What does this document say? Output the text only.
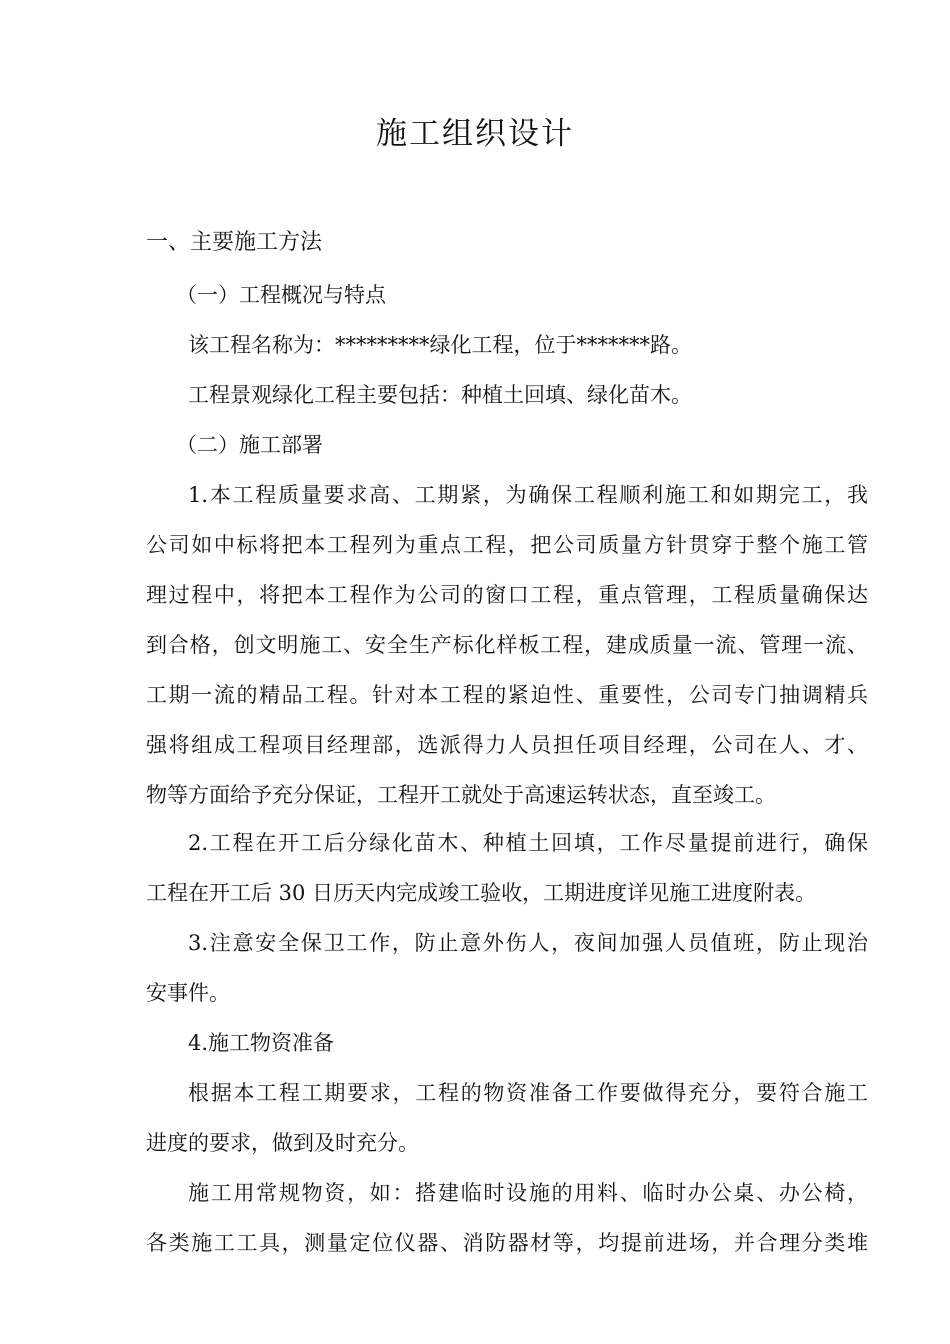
施工组织设计

一、主要施工方法

（一）工程概况与特点

该工程名称为：*********绿化工程，位于*******路。

工程景观绿化工程主要包括：种植土回填、绿化苗木。

（二）施工部署

1.本工程质量要求高、工期紧，为确保工程顺利施工和如期完工，我

公司如中标将把本工程列为重点工程，把公司质量方针贯穿于整个施工管

理过程中，将把本工程作为公司的窗口工程，重点管理，工程质量确保达

到合格，创文明施工、安全生产标化样板工程，建成质量一流、管理一流、

工期一流的精品工程。针对本工程的紧迫性、重要性，公司专门抽调精兵

强将组成工程项目经理部，选派得力人员担任项目经理，公司在人、才、

物等方面给予充分保证，工程开工就处于高速运转状态，直至竣工。

2.工程在开工后分绿化苗木、种植土回填，工作尽量提前进行，确保

工程在开工后 30 日历天内完成竣工验收，工期进度详见施工进度附表。

3.注意安全保卫工作，防止意外伤人，夜间加强人员值班，防止现治

安事件。

4.施工物资准备

根据本工程工期要求，工程的物资准备工作要做得充分，要符合施工

进度的要求，做到及时充分。

施工用常规物资，如：搭建临时设施的用料、临时办公桌、办公椅，

各类施工工具，测量定位仪器、消防器材等，均提前进场，并合理分类堆
